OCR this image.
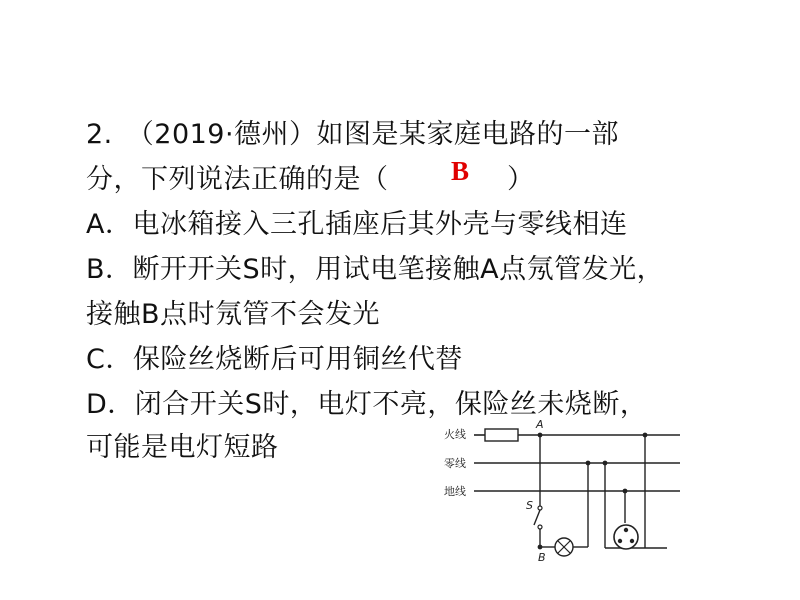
2.　（2019·德州）如图是某家庭电路的一部
分，下列说法正确的是（ B ）
A．电冰箱接入三孔插座后其外壳与零线相连
B．断开开关S时，用试电笔接触A点氖管发光，
接触B点时氖管不会发光
C．保险丝烧断后可用铜丝代替
D．闭合开关S时，电灯不亮，保险丝未烧断，
可能是电灯短路	火线
零线
地线
A
S
B
